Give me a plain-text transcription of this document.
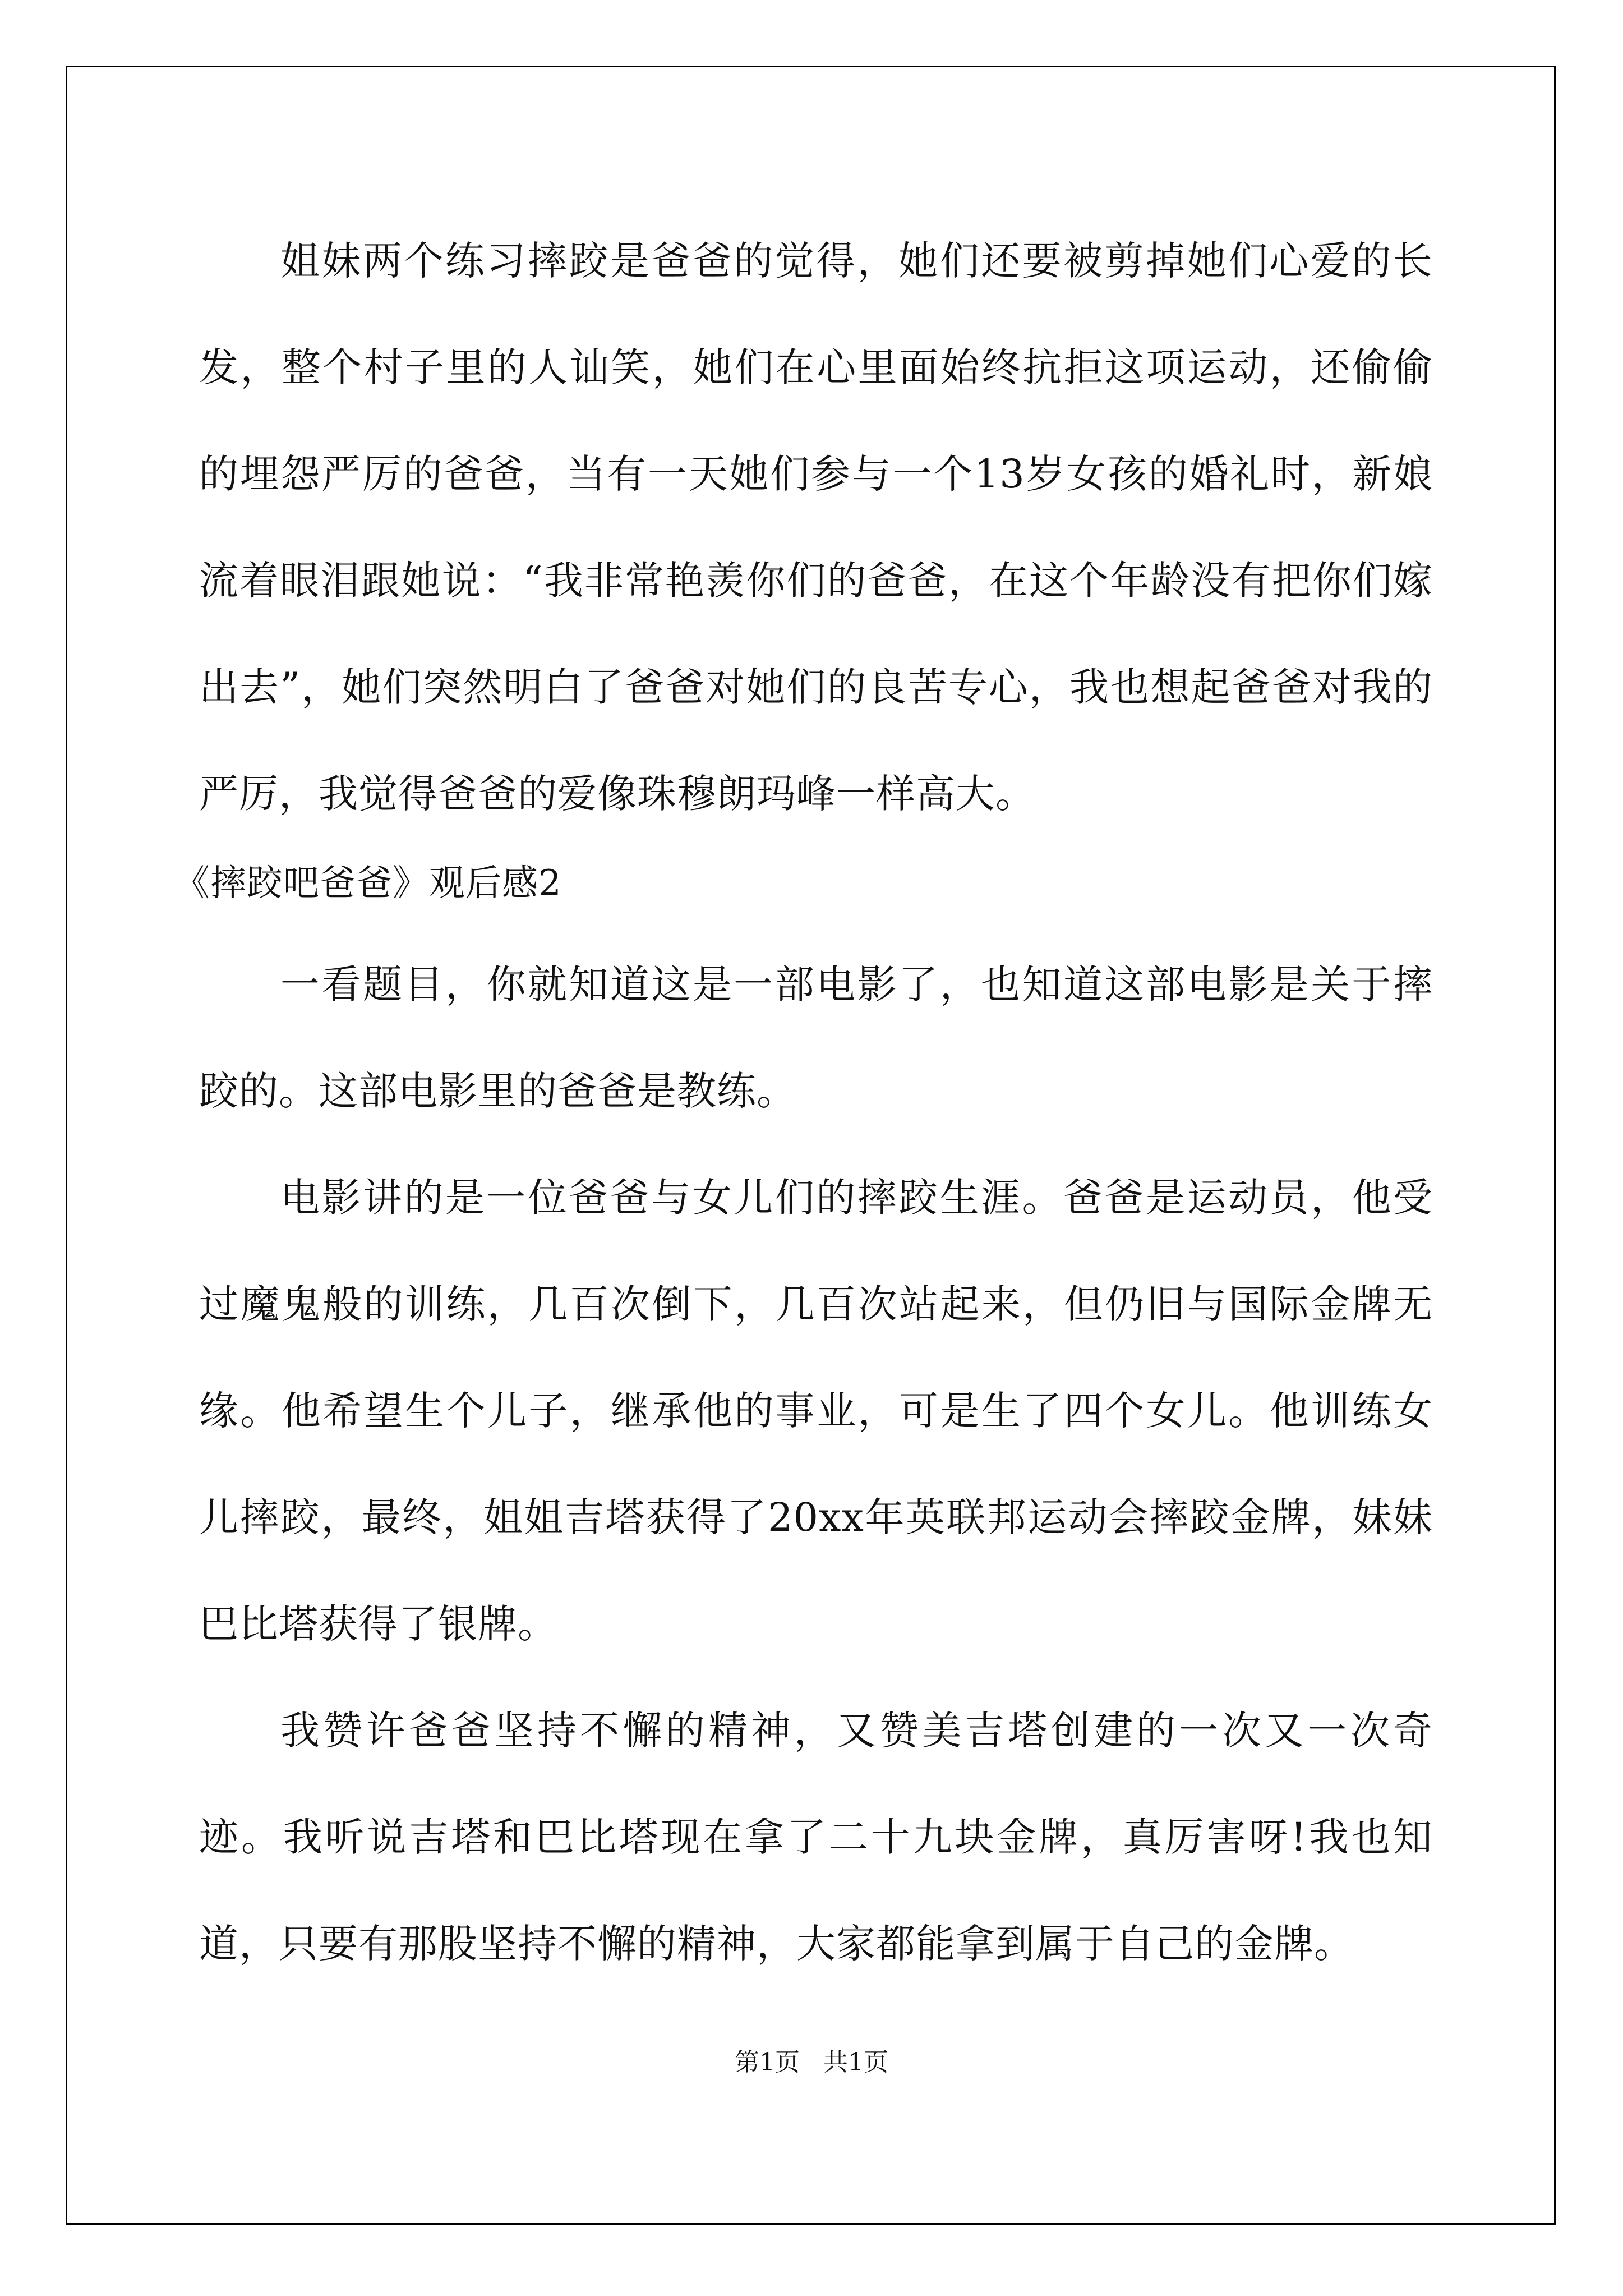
姐妹两个练习摔跤是爸爸的觉得，她们还要被剪掉她们心爱的长发，整个村子里的人讪笑，她们在心里面始终抗拒这项运动，还偷偷的埋怨严厉的爸爸，当有一天她们参与一个13岁女孩的婚礼时，新娘流着眼泪跟她说：“我非常艳羡你们的爸爸，在这个年龄没有把你们嫁出去”，她们突然明白了爸爸对她们的良苦专心，我也想起爸爸对我的严厉，我觉得爸爸的爱像珠穆朗玛峰一样高大。

《摔跤吧爸爸》观后感2

一看题目，你就知道这是一部电影了，也知道这部电影是关于摔跤的。这部电影里的爸爸是教练。

电影讲的是一位爸爸与女儿们的摔跤生涯。爸爸是运动员，他受过魔鬼般的训练，几百次倒下，几百次站起来，但仍旧与国际金牌无缘。他希望生个儿子，继承他的事业，可是生了四个女儿。他训练女儿摔跤，最终，姐姐吉塔获得了20xx年英联邦运动会摔跤金牌，妹妹巴比塔获得了银牌。

我赞许爸爸坚持不懈的精神，又赞美吉塔创建的一次又一次奇迹。我听说吉塔和巴比塔现在拿了二十九块金牌，真厉害呀!我也知道，只要有那股坚持不懈的精神，大家都能拿到属于自己的金牌。

第1页 共1页
